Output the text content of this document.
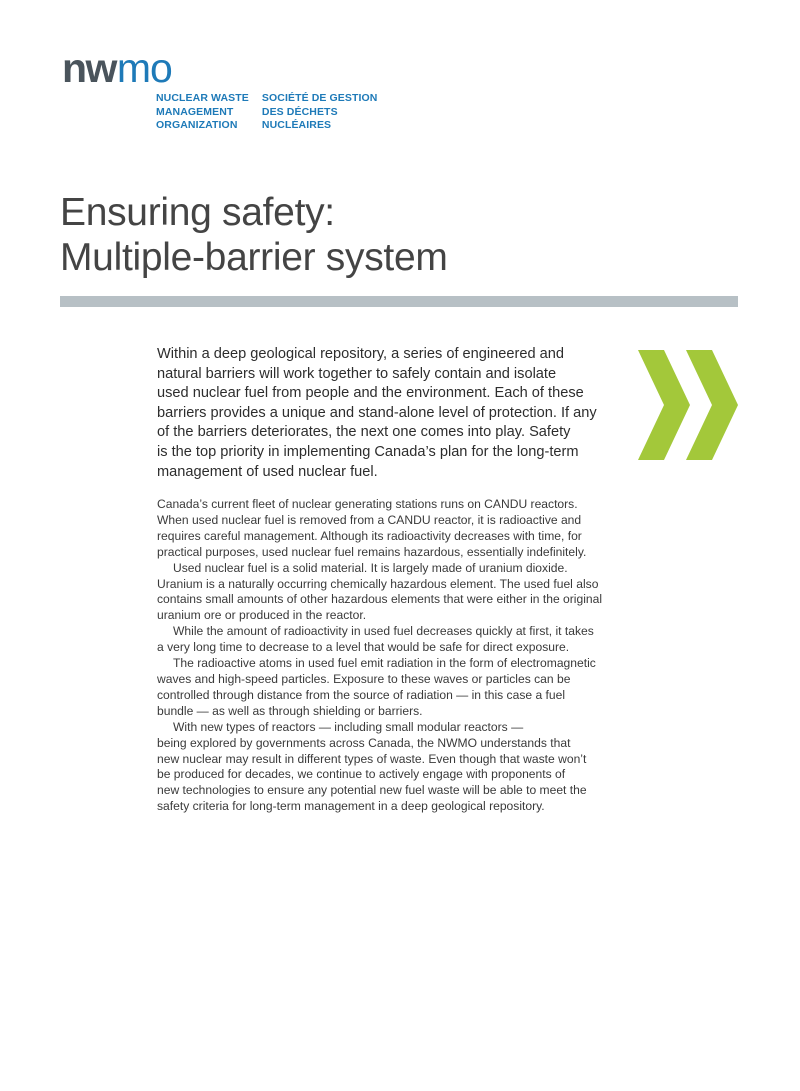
nw mo
NUCLEAR WASTE
MANAGEMENT
ORGANIZATION
SOCIÉTÉ DE GESTION
DES DÉCHETS
NUCLÉAIRES
Ensuring safety:
Multiple-barrier system

Within a deep geological repository, a series of engineered and
natural barriers will work together to safely contain and isolate
used nuclear fuel from people and the environment. Each of these
barriers provides a unique and stand-alone level of protection. If any
of the barriers deteriorates, the next one comes into play. Safety
is the top priority in implementing Canada’s plan for the long-term
management of used nuclear fuel.

Canada’s current fleet of nuclear generating stations runs on CANDU reactors.
When used nuclear fuel is removed from a CANDU reactor, it is radioactive and
requires careful management. Although its radioactivity decreases with time, for
practical purposes, used nuclear fuel remains hazardous, essentially indefinitely.
Used nuclear fuel is a solid material. It is largely made of uranium dioxide.
Uranium is a naturally occurring chemically hazardous element. The used fuel also
contains small amounts of other hazardous elements that were either in the original
uranium ore or produced in the reactor.
While the amount of radioactivity in used fuel decreases quickly at first, it takes
a very long time to decrease to a level that would be safe for direct exposure.
The radioactive atoms in used fuel emit radiation in the form of electromagnetic
waves and high-speed particles. Exposure to these waves or particles can be
controlled through distance from the source of radiation — in this case a fuel
bundle — as well as through shielding or barriers.
With new types of reactors — including small modular reactors —
being explored by governments across Canada, the NWMO understands that
new nuclear may result in different types of waste. Even though that waste won’t
be produced for decades, we continue to actively engage with proponents of
new technologies to ensure any potential new fuel waste will be able to meet the
safety criteria for long-term management in a deep geological repository.
